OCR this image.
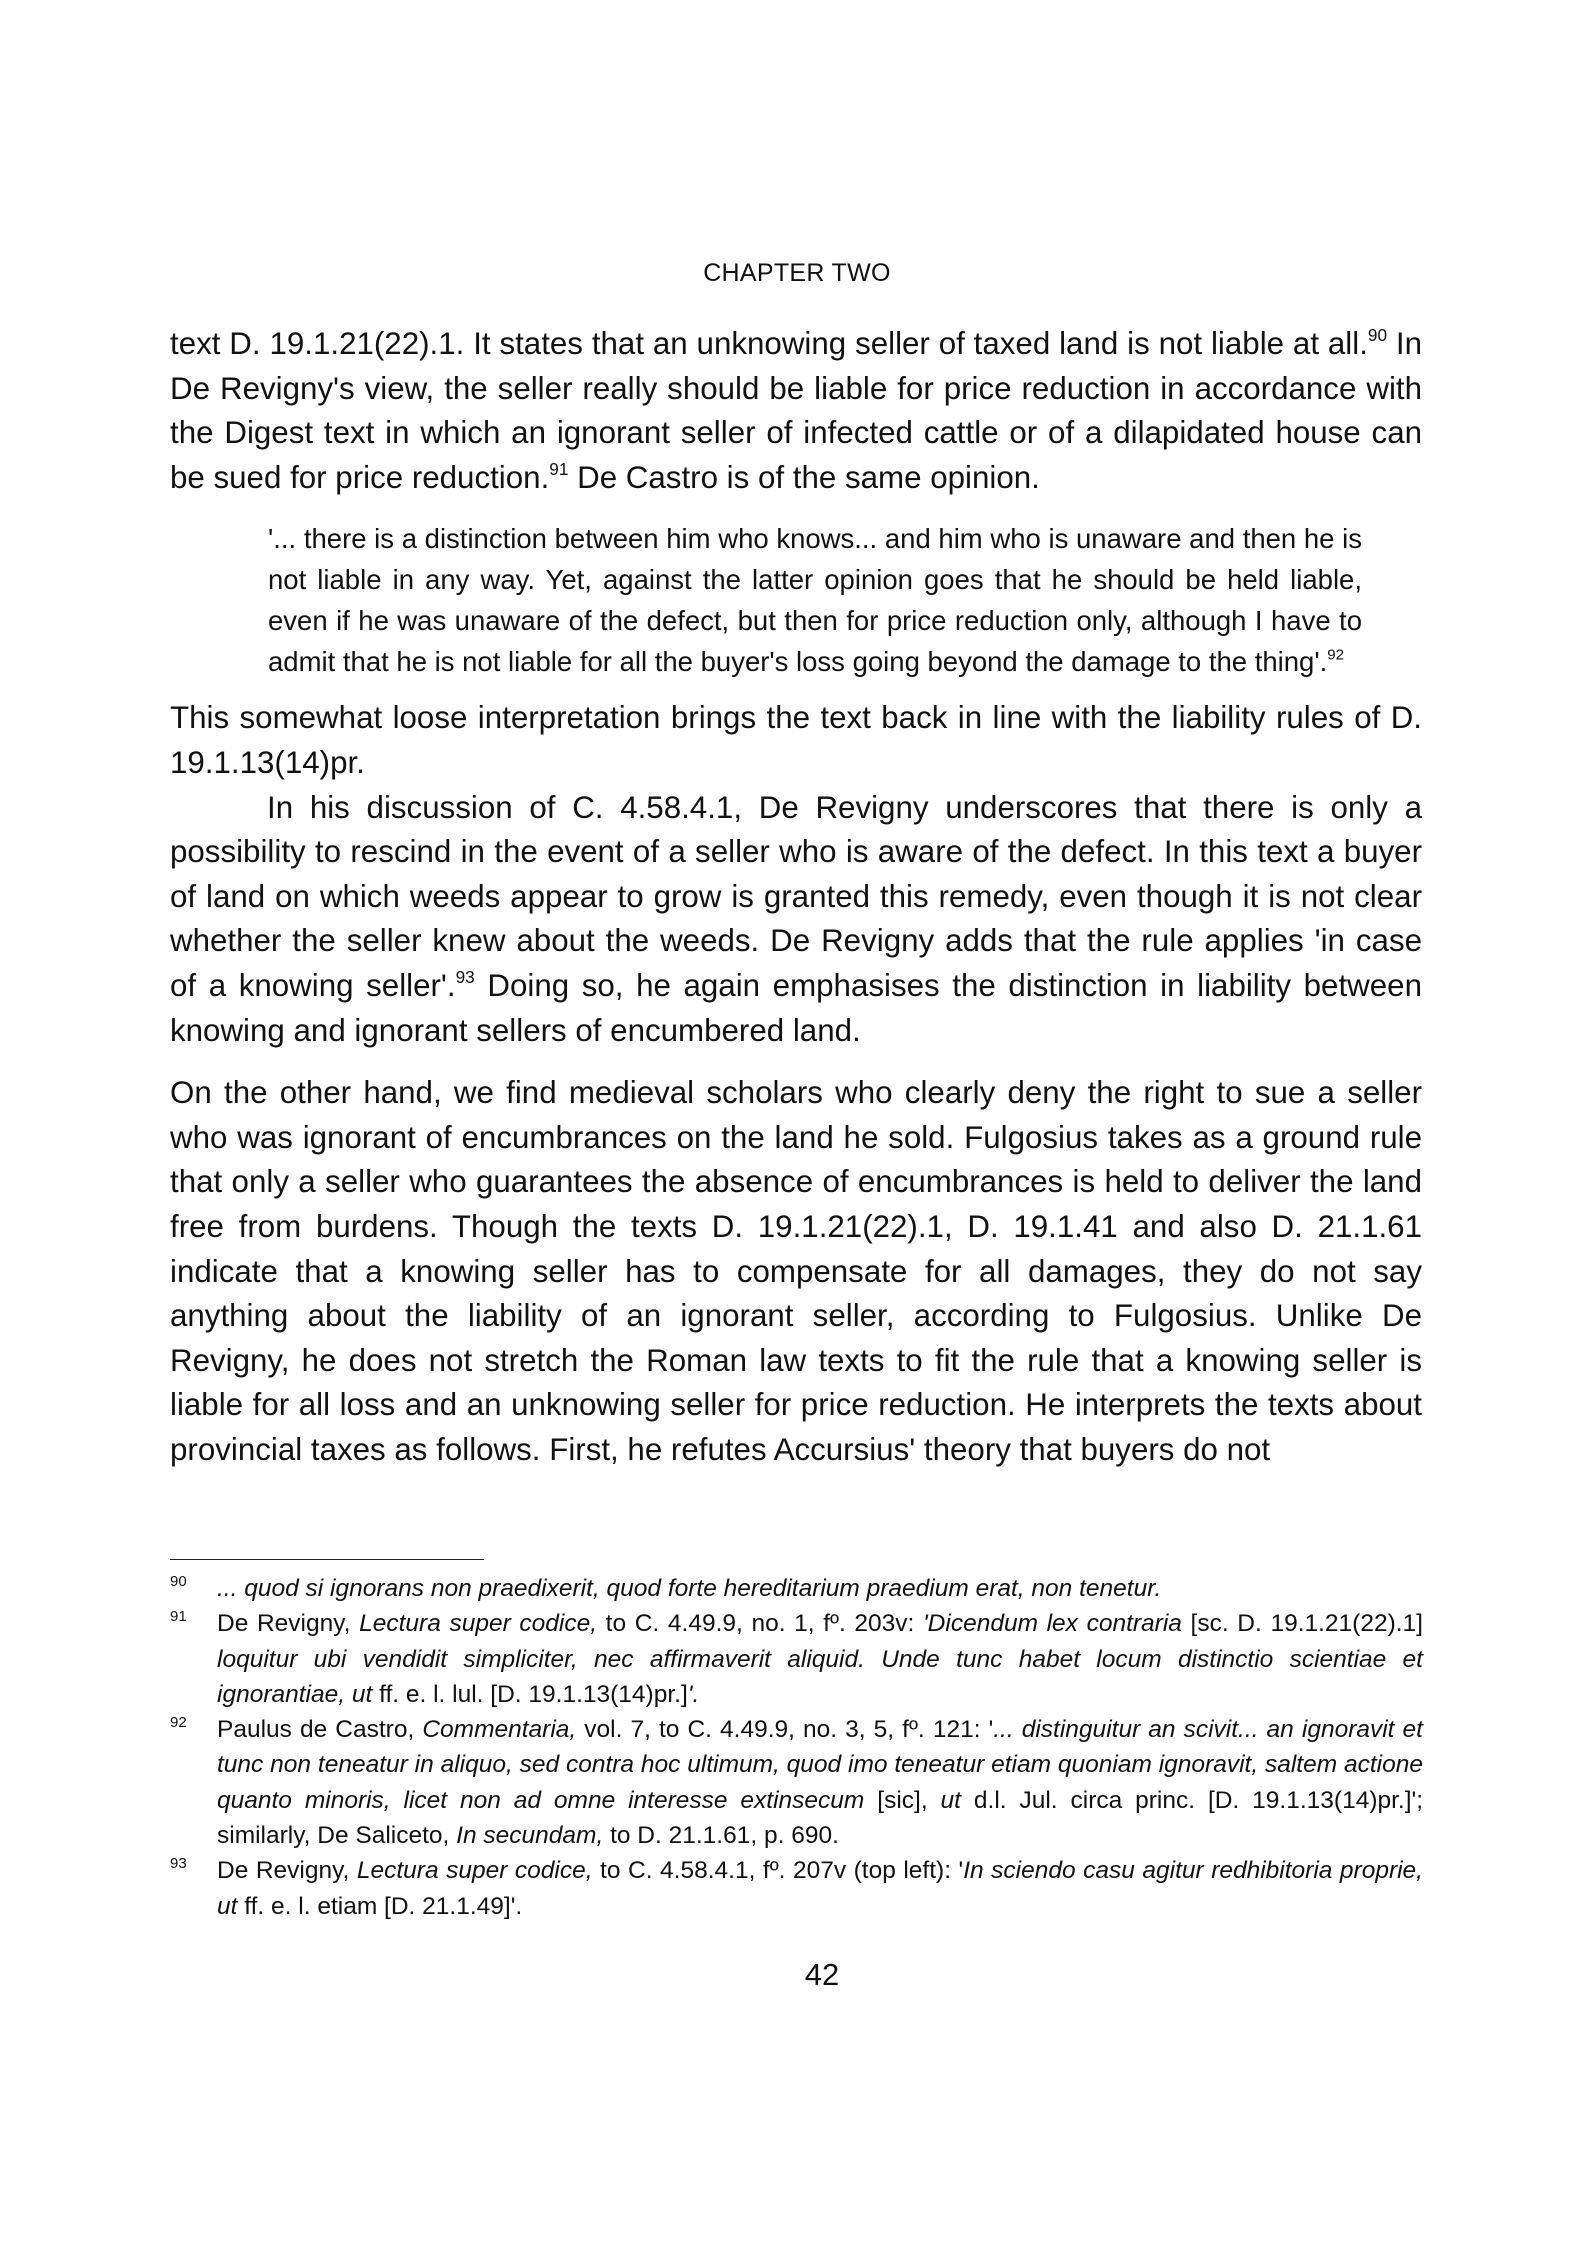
CHAPTER TWO

text D. 19.1.21(22).1. It states that an unknowing seller of taxed land is not liable at all.$^{90}$ In De Revigny's view, the seller really should be liable for price reduction in accordance with the Digest text in which an ignorant seller of infected cattle or of a dilapidated house can be sued for price reduction.$^{91}$ De Castro is of the same opinion.

'... there is a distinction between him who knows... and him who is unaware and then he is not liable in any way. Yet, against the latter opinion goes that he should be held liable, even if he was unaware of the defect, but then for price reduction only, although I have to admit that he is not liable for all the buyer's loss going beyond the damage to the thing'.$^{92}$

This somewhat loose interpretation brings the text back in line with the liability rules of D. 19.1.13(14)pr.

In his discussion of C. 4.58.4.1, De Revigny underscores that there is only a possibility to rescind in the event of a seller who is aware of the defect. In this text a buyer of land on which weeds appear to grow is granted this remedy, even though it is not clear whether the seller knew about the weeds. De Revigny adds that the rule applies 'in case of a knowing seller'.$^{93}$ Doing so, he again emphasises the distinction in liability between knowing and ignorant sellers of encumbered land.

On the other hand, we find medieval scholars who clearly deny the right to sue a seller who was ignorant of encumbrances on the land he sold. Fulgosius takes as a ground rule that only a seller who guarantees the absence of encumbrances is held to deliver the land free from burdens. Though the texts D. 19.1.21(22).1, D. 19.1.41 and also D. 21.1.61 indicate that a knowing seller has to compensate for all damages, they do not say anything about the liability of an ignorant seller, according to Fulgosius. Unlike De Revigny, he does not stretch the Roman law texts to fit the rule that a knowing seller is liable for all loss and an unknowing seller for price reduction. He interprets the texts about provincial taxes as follows. First, he refutes Accursius' theory that buyers do not

90 ... quod si ignorans non praedixerit, quod forte hereditarium praedium erat, non tenetur.
91 De Revigny, Lectura super codice, to C. 4.49.9, no. 1, fº. 203v: 'Dicendum lex contraria [sc. D. 19.1.21(22).1] loquitur ubi vendidit simpliciter, nec affirmaverit aliquid. Unde tunc habet locum distinctio scientiae et ignorantiae, ut ff. e. l. lul. [D. 19.1.13(14)pr.]'.
92 Paulus de Castro, Commentaria, vol. 7, to C. 4.49.9, no. 3, 5, fº. 121: '... distinguitur an scivit... an ignoravit et tunc non teneatur in aliquo, sed contra hoc ultimum, quod imo teneatur etiam quoniam ignoravit, saltem actione quanto minoris, licet non ad omne interesse extinsecum [sic], ut d.l. Jul. circa princ. [D. 19.1.13(14)pr.]'; similarly, De Saliceto, In secundam, to D. 21.1.61, p. 690.
93 De Revigny, Lectura super codice, to C. 4.58.4.1, fº. 207v (top left): 'In sciendo casu agitur redhibitoria proprie, ut ff. e. l. etiam [D. 21.1.49]'.
42
